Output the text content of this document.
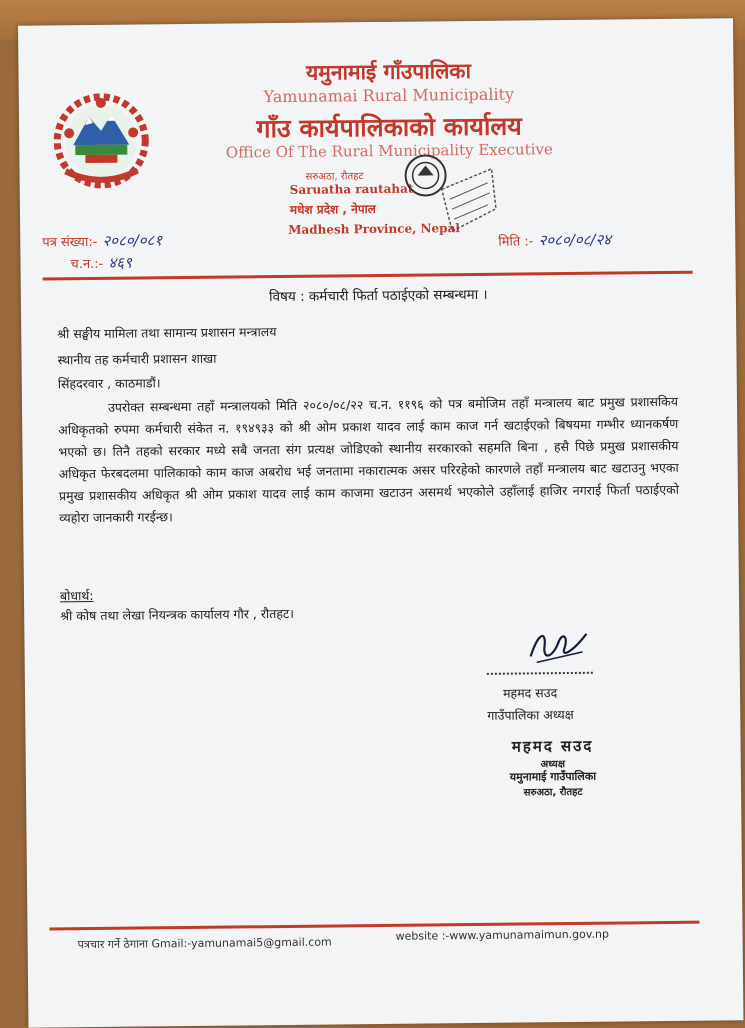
यमुनामाई गाँउपालिका
Yamunamai Rural Municipality
गाँउ कार्यपालिकाको कार्यालय
Office Of The Rural Municipality Executive
सरुअठा, रौतहट
Saruatha rautahat
मधेश प्रदेश , नेपाल
Madhesh Province, Nepal
पत्र संख्या:- २०८०/०८१
च.न.:- ४६९
मिति :- २०८०/०८/२४
विषय : कर्मचारी फिर्ता पठाईएको सम्बन्धमा ।
श्री सङ्घीय मामिला तथा सामान्य प्रशासन मन्त्रालय
स्थानीय तह कर्मचारी प्रशासन शाखा
सिंहदरवार , काठमाडौं।
उपरोक्त सम्बन्धमा तहाँ मन्त्रालयको मिति २०८०/०८/२२ च.न. ११९६ को पत्र बमोजिम तहाँ मन्त्रालय बाट प्रमुख प्रशासकिय अधिकृतको रुपमा कर्मचारी संकेत न. १९४९३३ को श्री ओम प्रकाश यादव लाई काम काज गर्न खटाईएको बिषयमा गम्भीर ध्यानकर्षण भएको छ। तिनै तहको सरकार मध्ये सबै जनता संग प्रत्यक्ष जोडिएको स्थानीय सरकारको सहमति बिना , हसै पिछे प्रमुख प्रशासकीय अधिकृत फेरबदलमा पालिकाको काम काज अबरोध भई जनतामा नकारात्मक असर परिरहेको कारणले तहाँ मन्त्रालय बाट खटाउनु भएका प्रमुख प्रशासकीय अधिकृत श्री ओम प्रकाश यादव लाई काम काजमा खटाउन असमर्थ भएकोले उहाँलाई हाजिर नगराई फिर्ता पठाईएको व्यहोरा जानकारी गरईन्छ।
बोधार्थ:
श्री कोष तथा लेखा नियन्त्रक कार्यालय गौर , रौतहट।
महमद सउद
गाउँपालिका अध्यक्ष
महमद सउद
अध्यक्ष
यमुनामाई गाउँपालिका
सरुअठा, रौतहट
पत्रचार गर्ने ठेगाना Gmail:-yamunamai5@gmail.com
website :-www.yamunamaimun.gov.np
